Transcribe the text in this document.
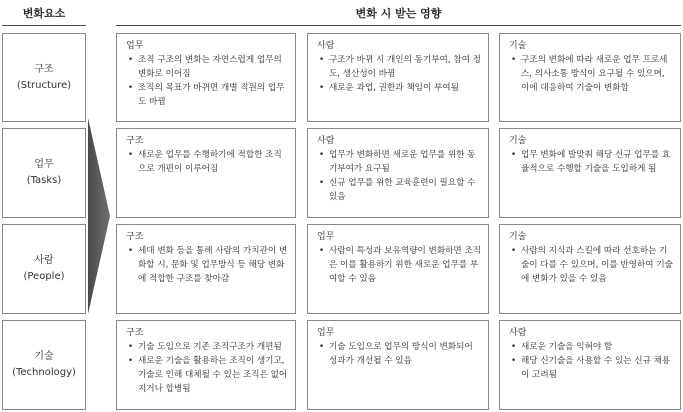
변화요소	변화 시 받는 영향
구조
(Structure)
업무
(Tasks)
사람
(People)
기술
(Technology)
업무
• 조직 구조의 변화는 자연스럽게 업무의 변화로 이어짐
• 조직의 목표가 바뀌면 개별 직원의 업무도 바뀜
사람
• 구조가 바뀌 시 개인의 동기부여, 참여 정도, 생산성이 바뀜
• 새로운 과업, 권한과 책임이 부여됨
기술
• 구조의 변화에 따라 새로운 업무 프로세스, 의사소통 방식이 요구될 수 있으며, 이에 대응하여 기술이 변화함
구조
• 새로운 업무를 수행하기에 적합한 조직으로 개편이 이루어짐
사람
• 업무가 변화하면 새로운 업무를 위한 동기부여가 요구됨
• 신규 업무를 위한 교육훈련이 필요할 수 있음
기술
• 업무 변화에 발맞춰 해당 신규 업무를 효율적으로 수행할 기술을 도입하게 됨
구조
• 세대 변화 등을 통해 사람의 가치관이 변화할 시, 문화 및 업무방식 등 해당 변화에 적합한 구조를 찾아감
업무
• 사람이 특성과 보유역량이 변화하면 조직은 이를 활용하기 위한 새로운 업무를 부여할 수 있음
기술
• 사람의 지식과 스킬에 따라 선호하는 기술이 다를 수 있으며, 이를 반영하여 기술에 변화가 있을 수 있음
구조
• 기술 도입으로 기존 조직구조가 개편됨
• 새로운 기술을 활용하는 조직이 생기고, 기술로 인해 대체될 수 있는 조직은 없어지거나 합병됨
업무
• 기술 도입으로 업무의 방식이 변화되어 성과가 개선될 수 있음
사람
• 새로운 기술을 익혀야 함
• 해당 신기술을 사용할 수 있는 신규 채용이 고려됨
